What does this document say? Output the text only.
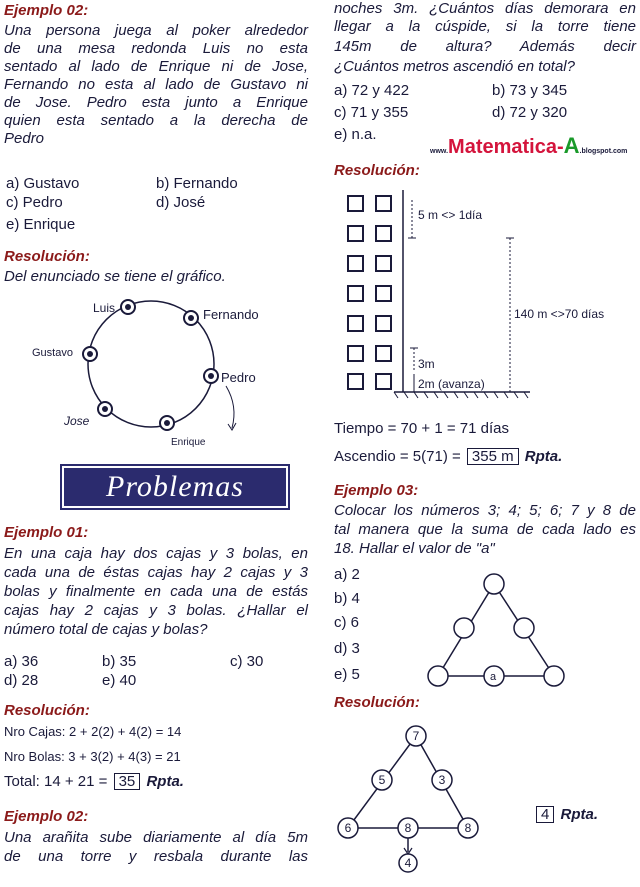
Ejemplo 02:
Una persona juega al poker alrededor
de una mesa redonda Luis no esta
sentado al lado de Enrique ni de Jose,
Fernando no esta al lado de Gustavo ni
de Jose. Pedro esta junto a Enrique
quien esta sentado a la derecha de
Pedro
a) Gustavo	b) Fernando
c) Pedro	d) José
e) Enrique
Resolución:
Del enunciado se tiene el gráfico.
Luis	Fernando
Gustavo
Pedro
Jose
Enrique
Problemas Varios
Ejemplo 01:
En una caja hay dos cajas y 3 bolas, en
cada una de éstas cajas hay 2 cajas y 3
bolas y finalmente en cada una de estás
cajas hay 2 cajas y 3 bolas. ¿Hallar el
número total de cajas y bolas?
a) 36	b) 35	c) 30
d) 28	e) 40
Resolución:
Nro Cajas: 2 + 2(2) + 4(2) = 14
Nro Bolas: 3 + 3(2) + 4(3) = 21
Total: 14 + 21 = 35 Rpta.
Ejemplo 02:
Una arañita sube diariamente al día 5m
de una torre y resbala durante las
noches 3m. ¿Cuántos días demorara en
llegar a la cúspide, si la torre tiene
145m de altura? Además decir
¿Cuántos metros ascendió en total?
a) 72 y 422	b) 73 y 345
c) 71 y 355	d) 72 y 320
e) n.a.
www.Matematica-A.blogspot.com
Resolución:
5 m <> 1día
140 m <>70 días
3m
2m (avanza)
Tiempo = 70 + 1 = 71 días
Ascendio = 5(71) = 355 m Rpta.
Ejemplo 03:
Colocar los números 3; 4; 5; 6; 7 y 8 de
tal manera que la suma de cada lado es
18. Hallar el valor de "a"
a) 2
b) 4
c) 6
d) 3
e) 5	a
Resolución:
7
5	3
6	8	8
4
4 Rpta.
